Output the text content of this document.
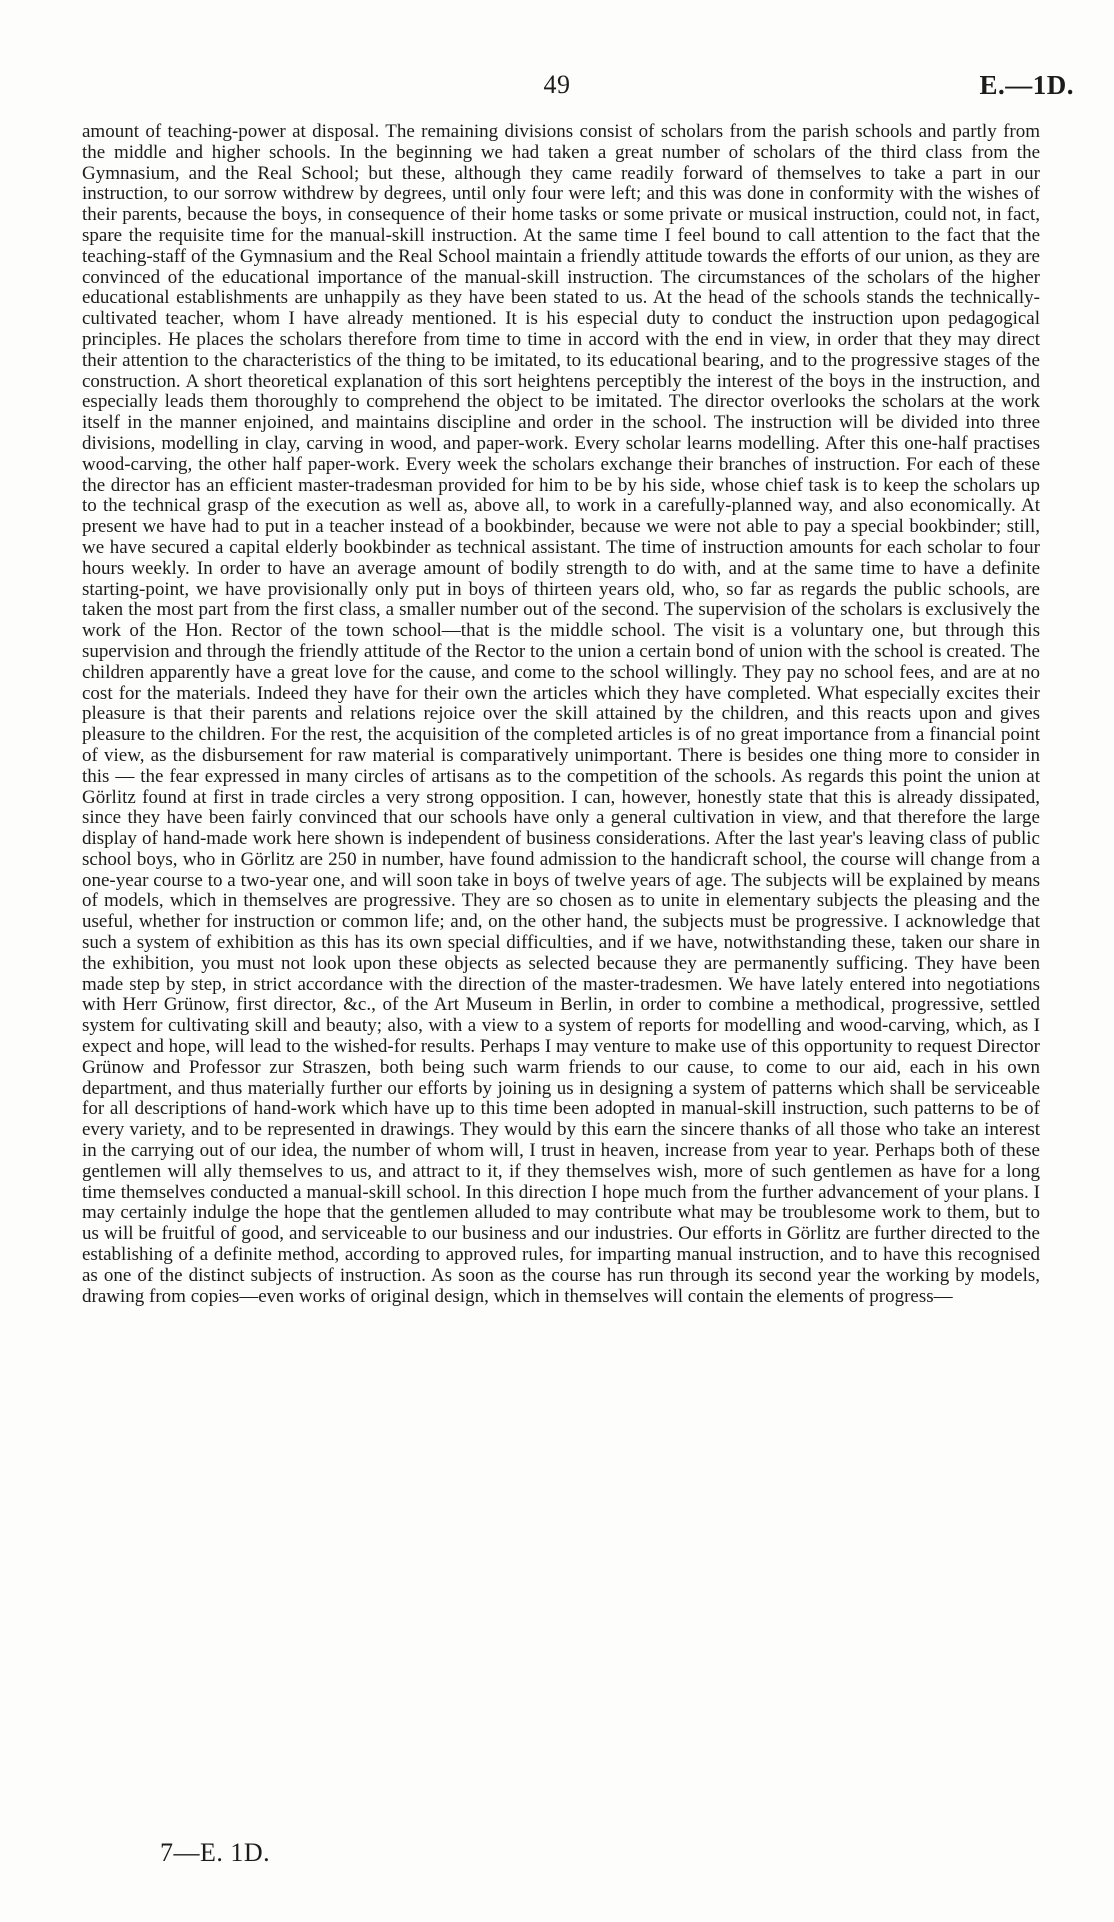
49	E.—1D.
amount of teaching-power at disposal. The remaining divisions consist of scholars from the parish schools and partly from the middle and higher schools. In the beginning we had taken a great number of scholars of the third class from the Gymnasium, and the Real School; but these, although they came readily forward of themselves to take a part in our instruction, to our sorrow withdrew by degrees, until only four were left; and this was done in conformity with the wishes of their parents, because the boys, in consequence of their home tasks or some private or musical instruction, could not, in fact, spare the requisite time for the manual-skill instruction. At the same time I feel bound to call attention to the fact that the teaching-staff of the Gymnasium and the Real School maintain a friendly attitude towards the efforts of our union, as they are convinced of the educational importance of the manual-skill instruction. The circumstances of the scholars of the higher educational establishments are unhappily as they have been stated to us. At the head of the schools stands the technically-cultivated teacher, whom I have already mentioned. It is his especial duty to conduct the instruction upon pedagogical principles. He places the scholars therefore from time to time in accord with the end in view, in order that they may direct their attention to the characteristics of the thing to be imitated, to its educational bearing, and to the progressive stages of the construction. A short theoretical explanation of this sort heightens perceptibly the interest of the boys in the instruction, and especially leads them thoroughly to comprehend the object to be imitated. The director overlooks the scholars at the work itself in the manner enjoined, and maintains discipline and order in the school. The instruction will be divided into three divisions, modelling in clay, carving in wood, and paper-work. Every scholar learns modelling. After this one-half practises wood-carving, the other half paper-work. Every week the scholars exchange their branches of instruction. For each of these the director has an efficient master-tradesman provided for him to be by his side, whose chief task is to keep the scholars up to the technical grasp of the execution as well as, above all, to work in a carefully-planned way, and also economically. At present we have had to put in a teacher instead of a bookbinder, because we were not able to pay a special bookbinder; still, we have secured a capital elderly bookbinder as technical assistant. The time of instruction amounts for each scholar to four hours weekly. In order to have an average amount of bodily strength to do with, and at the same time to have a definite starting-point, we have provisionally only put in boys of thirteen years old, who, so far as regards the public schools, are taken the most part from the first class, a smaller number out of the second. The supervision of the scholars is exclusively the work of the Hon. Rector of the town school—that is the middle school. The visit is a voluntary one, but through this supervision and through the friendly attitude of the Rector to the union a certain bond of union with the school is created. The children apparently have a great love for the cause, and come to the school willingly. They pay no school fees, and are at no cost for the materials. Indeed they have for their own the articles which they have completed. What especially excites their pleasure is that their parents and relations rejoice over the skill attained by the children, and this reacts upon and gives pleasure to the children. For the rest, the acquisition of the completed articles is of no great importance from a financial point of view, as the disbursement for raw material is comparatively unimportant. There is besides one thing more to consider in this — the fear expressed in many circles of artisans as to the competition of the schools. As regards this point the union at Görlitz found at first in trade circles a very strong opposition. I can, however, honestly state that this is already dissipated, since they have been fairly convinced that our schools have only a general cultivation in view, and that therefore the large display of hand-made work here shown is independent of business considerations. After the last year's leaving class of public school boys, who in Görlitz are 250 in number, have found admission to the handicraft school, the course will change from a one-year course to a two-year one, and will soon take in boys of twelve years of age. The subjects will be explained by means of models, which in themselves are progressive. They are so chosen as to unite in elementary subjects the pleasing and the useful, whether for instruction or common life; and, on the other hand, the subjects must be progressive. I acknowledge that such a system of exhibition as this has its own special difficulties, and if we have, notwithstanding these, taken our share in the exhibition, you must not look upon these objects as selected because they are permanently sufficing. They have been made step by step, in strict accordance with the direction of the master-tradesmen. We have lately entered into negotiations with Herr Grünow, first director, &c., of the Art Museum in Berlin, in order to combine a methodical, progressive, settled system for cultivating skill and beauty; also, with a view to a system of reports for modelling and wood-carving, which, as I expect and hope, will lead to the wished-for results. Perhaps I may venture to make use of this opportunity to request Director Grünow and Professor zur Straszen, both being such warm friends to our cause, to come to our aid, each in his own department, and thus materially further our efforts by joining us in designing a system of patterns which shall be serviceable for all descriptions of hand-work which have up to this time been adopted in manual-skill instruction, such patterns to be of every variety, and to be represented in drawings. They would by this earn the sincere thanks of all those who take an interest in the carrying out of our idea, the number of whom will, I trust in heaven, increase from year to year. Perhaps both of these gentlemen will ally themselves to us, and attract to it, if they themselves wish, more of such gentlemen as have for a long time themselves conducted a manual-skill school. In this direction I hope much from the further advancement of your plans. I may certainly indulge the hope that the gentlemen alluded to may contribute what may be troublesome work to them, but to us will be fruitful of good, and serviceable to our business and our industries. Our efforts in Görlitz are further directed to the establishing of a definite method, according to approved rules, for imparting manual instruction, and to have this recognised as one of the distinct subjects of instruction. As soon as the course has run through its second year the working by models, drawing from copies—even works of original design, which in themselves will contain the elements of progress—
7—E. 1D.
